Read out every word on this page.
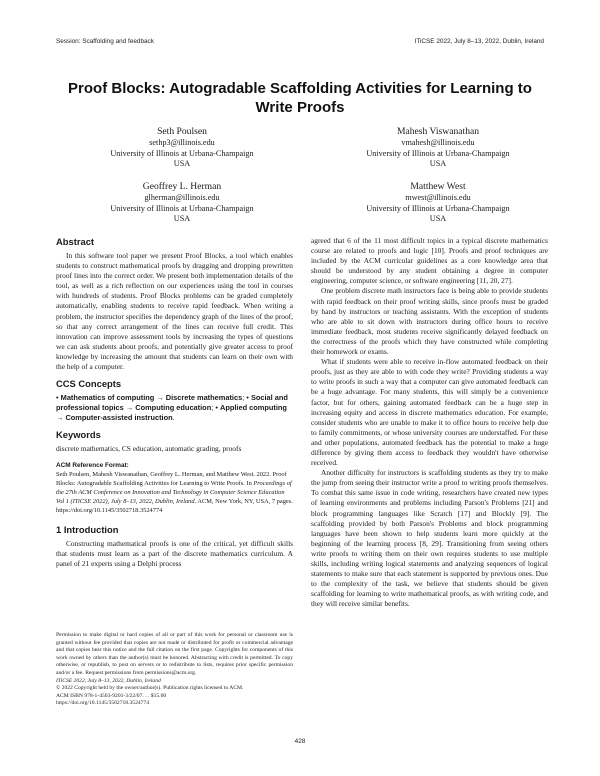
Session: Scaffolding and feedback	ITiCSE 2022, July 8–13, 2022, Dublin, Ireland
Proof Blocks: Autogradable Scaffolding Activities for Learning to Write Proofs
Seth Poulsen
sethp3@illinois.edu
University of Illinois at Urbana-Champaign
USA
Mahesh Viswanathan
vmahesh@illinois.edu
University of Illinois at Urbana-Champaign
USA
Geoffrey L. Herman
glherman@illinois.edu
University of Illinois at Urbana-Champaign
USA
Matthew West
mwest@illinois.edu
University of Illinois at Urbana-Champaign
USA
Abstract

In this software tool paper we present Proof Blocks, a tool which enables students to construct mathematical proofs by dragging and dropping prewritten proof lines into the correct order. We present both implementation details of the tool, as well as a rich reflection on our experiences using the tool in courses with hundreds of students. Proof Blocks problems can be graded completely automatically, enabling students to receive rapid feedback. When writing a problem, the instructor specifies the dependency graph of the lines of the proof, so that any correct arrangement of the lines can receive full credit. This innovation can improve assessment tools by increasing the types of questions we can ask students about proofs, and potentially give greater access to proof knowledge by increasing the amount that students can learn on their own with the help of a computer.

CCS Concepts
• Mathematics of computing → Discrete mathematics; • Social and professional topics → Computing education; • Applied computing → Computer-assisted instruction.
Keywords

discrete mathematics, CS education, automatic grading, proofs

ACM Reference Format:
Seth Poulsen, Mahesh Viswanathan, Geoffrey L. Herman, and Matthew West. 2022. Proof Blocks: Autogradable Scaffolding Activities for Learning to Write Proofs. In Proceedings of the 27th ACM Conference on Innovation and Technology in Computer Science Education Vol 1 (ITiCSE 2022), July 8–13, 2022, Dublin, Ireland. ACM, New York, NY, USA, 7 pages. https://doi.org/10.1145/3502718.3524774
1 Introduction

Constructing mathematical proofs is one of the critical, yet difficult skills that students must learn as a part of the discrete mathematics curriculum. A panel of 21 experts using a Delphi process

Permission to make digital or hard copies of all or part of this work for personal or classroom use is granted without fee provided that copies are not made or distributed for profit or commercial advantage and that copies bear this notice and the full citation on the first page. Copyrights for components of this work owned by others than the author(s) must be honored. Abstracting with credit is permitted. To copy otherwise, or republish, to post on servers or to redistribute to lists, requires prior specific permission and/or a fee. Request permissions from permissions@acm.org.

ITiCSE 2022, July 8–13, 2022, Dublin, Ireland

© 2022 Copyright held by the owner/author(s). Publication rights licensed to ACM.

ACM ISBN 978-1-4503-9201-3/22/07. . . $15.00

https://doi.org/10.1145/3502718.3524774

agreed that 6 of the 11 most difficult topics in a typical discrete mathematics course are related to proofs and logic [10]. Proofs and proof techniques are included by the ACM curricular guidelines as a core knowledge area that should be understood by any student obtaining a degree in computer engineering, computer science, or software engineering [11, 20, 27].

One problem discrete math instructors face is being able to provide students with rapid feedback on their proof writing skills, since proofs must be graded by hand by instructors or teaching assistants. With the exception of students who are able to sit down with instructors during office hours to receive immediate feedback, most students receive significantly delayed feedback on the correctness of the proofs which they have constructed while completing their homework or exams.

What if students were able to receive in-flow automated feedback on their proofs, just as they are able to with code they write? Providing students a way to write proofs in such a way that a computer can give automated feedback can be a huge advantage. For many students, this will simply be a convenience factor, but for others, gaining automated feedback can be a huge step in increasing equity and access in discrete mathematics education. For example, consider students who are unable to make it to office hours to receive help due to family commitments, or whose university courses are understaffed. For these and other populations, automated feedback has the potential to make a huge difference by giving them access to feedback they wouldn't have otherwise received.

Another difficulty for instructors is scaffolding students as they try to make the jump from seeing their instructor write a proof to writing proofs themselves. To combat this same issue in code writing, researchers have created new types of learning environments and problems including Parson's Problems [21] and block programming languages like Scratch [17] and Blockly [9]. The scaffolding provided by both Parson's Problems and block programming languages have been shown to help students learn more quickly at the beginning of the learning process [8, 29]. Transitioning from seeing others write proofs to writing them on their own requires students to use multiple skills, including writing logical statements and analyzing sequences of logical statements to make sure that each statement is supported by previous ones. Due to the complexity of the task, we believe that students should be given scaffolding for learning to write mathematical proofs, as with writing code, and they will receive similar benefits.

428
